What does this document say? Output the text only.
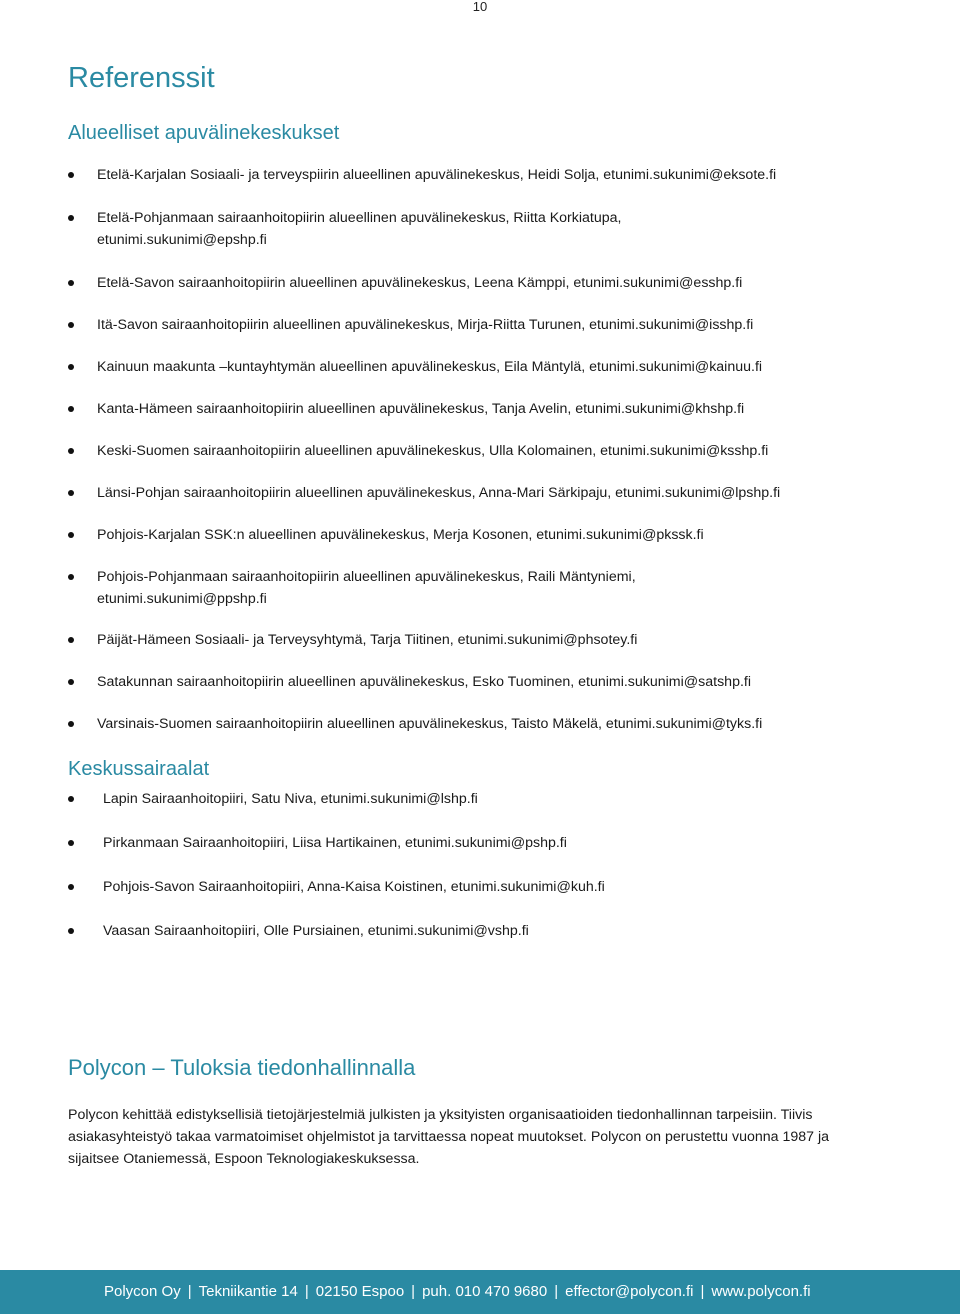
10
Referenssit
Alueelliset apuvälinekeskukset
Etelä-Karjalan Sosiaali- ja terveyspiirin alueellinen apuvälinekeskus, Heidi Solja, etunimi.sukunimi@eksote.fi
Etelä-Pohjanmaan sairaanhoitopiirin alueellinen apuvälinekeskus, Riitta Korkiatupa, etunimi.sukunimi@epshp.fi
Etelä-Savon sairaanhoitopiirin alueellinen apuvälinekeskus, Leena Kämppi, etunimi.sukunimi@esshp.fi
Itä-Savon sairaanhoitopiirin alueellinen apuvälinekeskus, Mirja-Riitta Turunen, etunimi.sukunimi@isshp.fi
Kainuun maakunta –kuntayhtymän alueellinen apuvälinekeskus, Eila Mäntylä, etunimi.sukunimi@kainuu.fi
Kanta-Hämeen sairaanhoitopiirin alueellinen apuvälinekeskus, Tanja Avelin, etunimi.sukunimi@khshp.fi
Keski-Suomen sairaanhoitopiirin alueellinen apuvälinekeskus, Ulla Kolomainen, etunimi.sukunimi@ksshp.fi
Länsi-Pohjan sairaanhoitopiirin alueellinen apuvälinekeskus, Anna-Mari Särkipaju, etunimi.sukunimi@lpshp.fi
Pohjois-Karjalan SSK:n alueellinen apuvälinekeskus, Merja Kosonen, etunimi.sukunimi@pkssk.fi
Pohjois-Pohjanmaan sairaanhoitopiirin alueellinen apuvälinekeskus, Raili Mäntyniemi, etunimi.sukunimi@ppshp.fi
Päijät-Hämeen Sosiaali- ja Terveysyhtymä, Tarja Tiitinen, etunimi.sukunimi@phsotey.fi
Satakunnan sairaanhoitopiirin alueellinen apuvälinekeskus, Esko Tuominen, etunimi.sukunimi@satshp.fi
Varsinais-Suomen sairaanhoitopiirin alueellinen apuvälinekeskus, Taisto Mäkelä, etunimi.sukunimi@tyks.fi
Keskussairaalat
Lapin Sairaanhoitopiiri, Satu Niva, etunimi.sukunimi@lshp.fi
Pirkanmaan Sairaanhoitopiiri, Liisa Hartikainen, etunimi.sukunimi@pshp.fi
Pohjois-Savon Sairaanhoitopiiri, Anna-Kaisa Koistinen, etunimi.sukunimi@kuh.fi
Vaasan Sairaanhoitopiiri, Olle Pursiainen, etunimi.sukunimi@vshp.fi
Polycon – Tuloksia tiedonhallinnalla

Polycon kehittää edistyksellisiä tietojärjestelmiä julkisten ja yksityisten organisaatioiden tiedonhallinnan tarpeisiin. Tiivis asiakasyhteistyö takaa varmatoimiset ohjelmistot ja tarvittaessa nopeat muutokset. Polycon on perustettu vuonna 1987 ja sijaitsee Otaniemessä, Espoon Teknologiakeskuksessa.

Polycon Oy | Tekniikantie 14 | 02150 Espoo | puh. 010 470 9680 | effector@polycon.fi | www.polycon.fi
